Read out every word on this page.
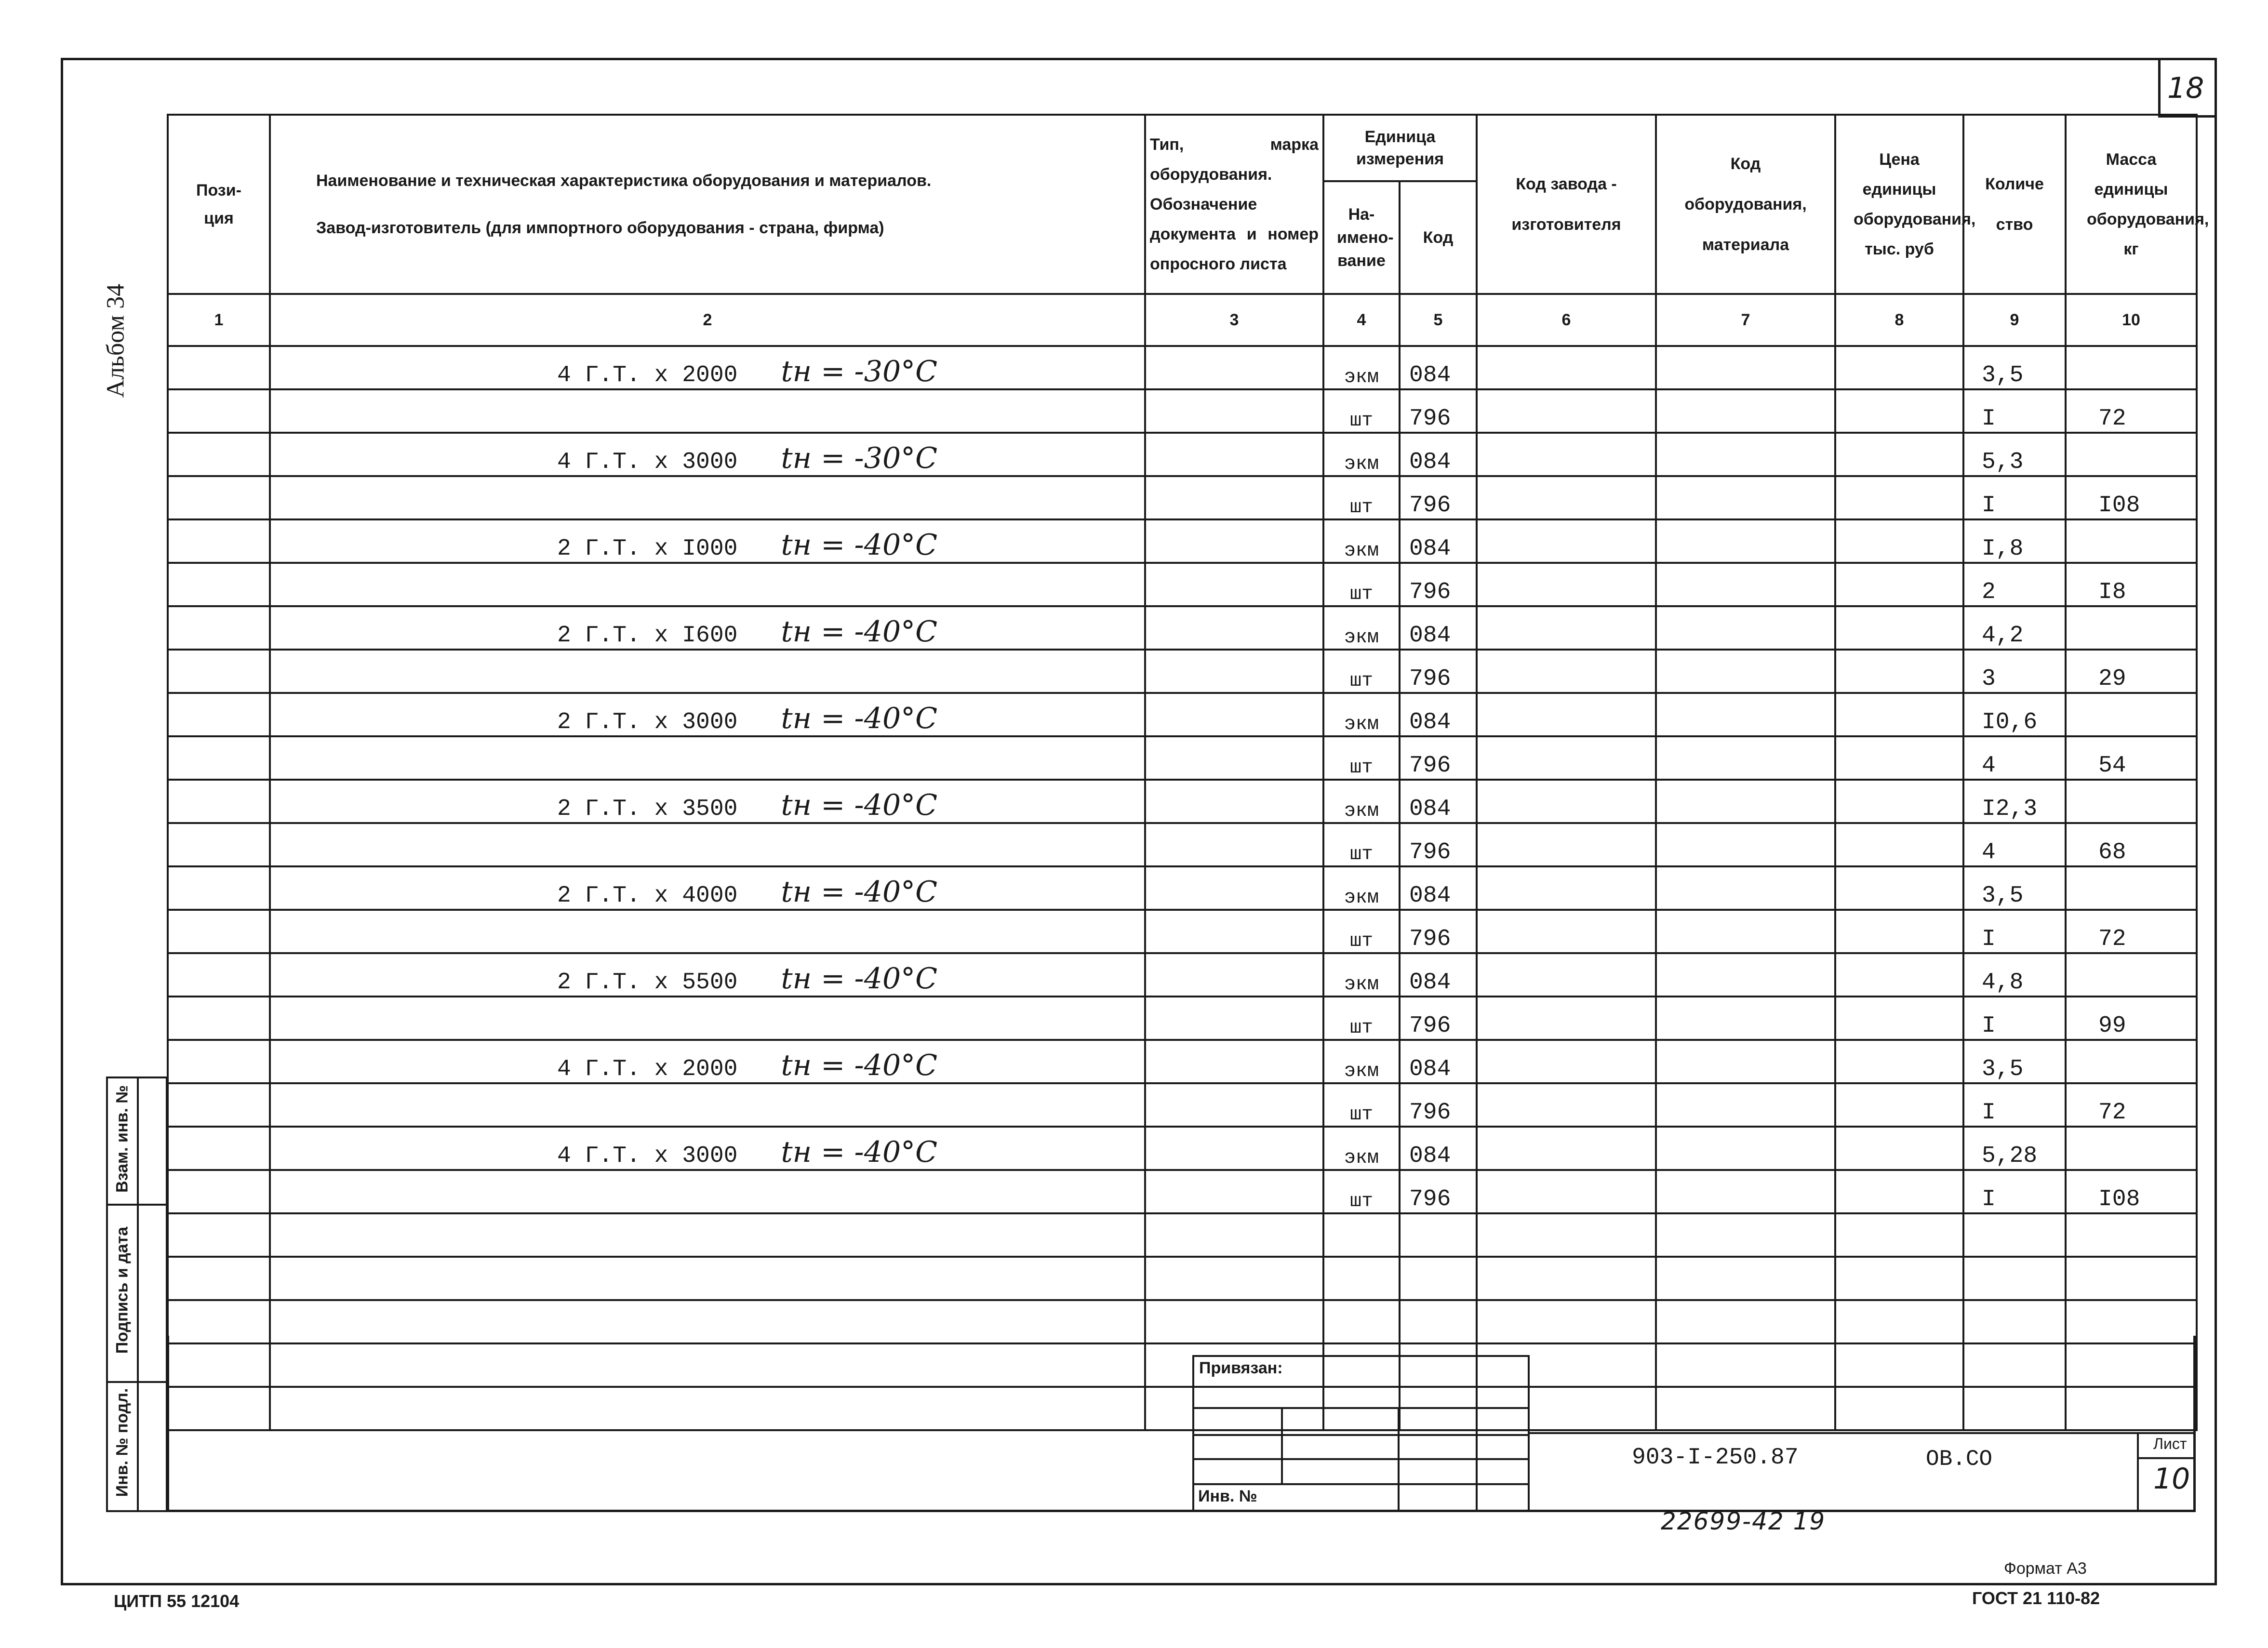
18
Альбом 34
Пози-ция	Наименование и техническая характеристика оборудования и материалов.
Завод-изготовитель (для импортного оборудования - страна, фирма)	Тип, марка оборудования. Обозначение документа и номер опросного листа	Единица измерения		Код завода - изготовителя	Код оборудования, материала	Цена единицы оборудования, тыс. руб	Количество	Масса единицы оборудования, кг
			На-имено-вание	Код					
1	2	3	4	5	6	7	8	9	10
	4 Г.Т. x 2000 tн = -30°C		экм	084				3,5	
			шт	796				I	72
	4 Г.Т. x 3000 tн = -30°C		экм	084				5,3	
			шт	796				I	I08
	2 Г.Т. x I000 tн = -40°C		экм	084				I,8	
			шт	796				2	I8
	2 Г.Т. x I600 tн = -40°C		экм	084				4,2	
			шт	796				3	29
	2 Г.Т. x 3000 tн = -40°C		экм	084				I0,6	
			шт	796				4	54
	2 Г.Т. x 3500 tн = -40°C		экм	084				I2,3	
			шт	796				4	68
	2 Г.Т. x 4000 tн = -40°C		экм	084				3,5	
			шт	796				I	72
	2 Г.Т. x 5500 tн = -40°C		экм	084				4,8	
			шт	796				I	99
	4 Г.Т. x 2000 tн = -40°C		экм	084				3,5	
			шт	796				I	72
	4 Г.Т. x 3000 tн = -40°C		экм	084				5,28	
			шт	796				I	I08

Взам. инв. №
Подпись и дата
Инв. № подл.
Привязан:
Инв. №
903-I-250.87	ОВ.СО
Лист
10
22699-42 19
Формат А3
ГОСТ 21 110-82
ЦИТП 55 12104
